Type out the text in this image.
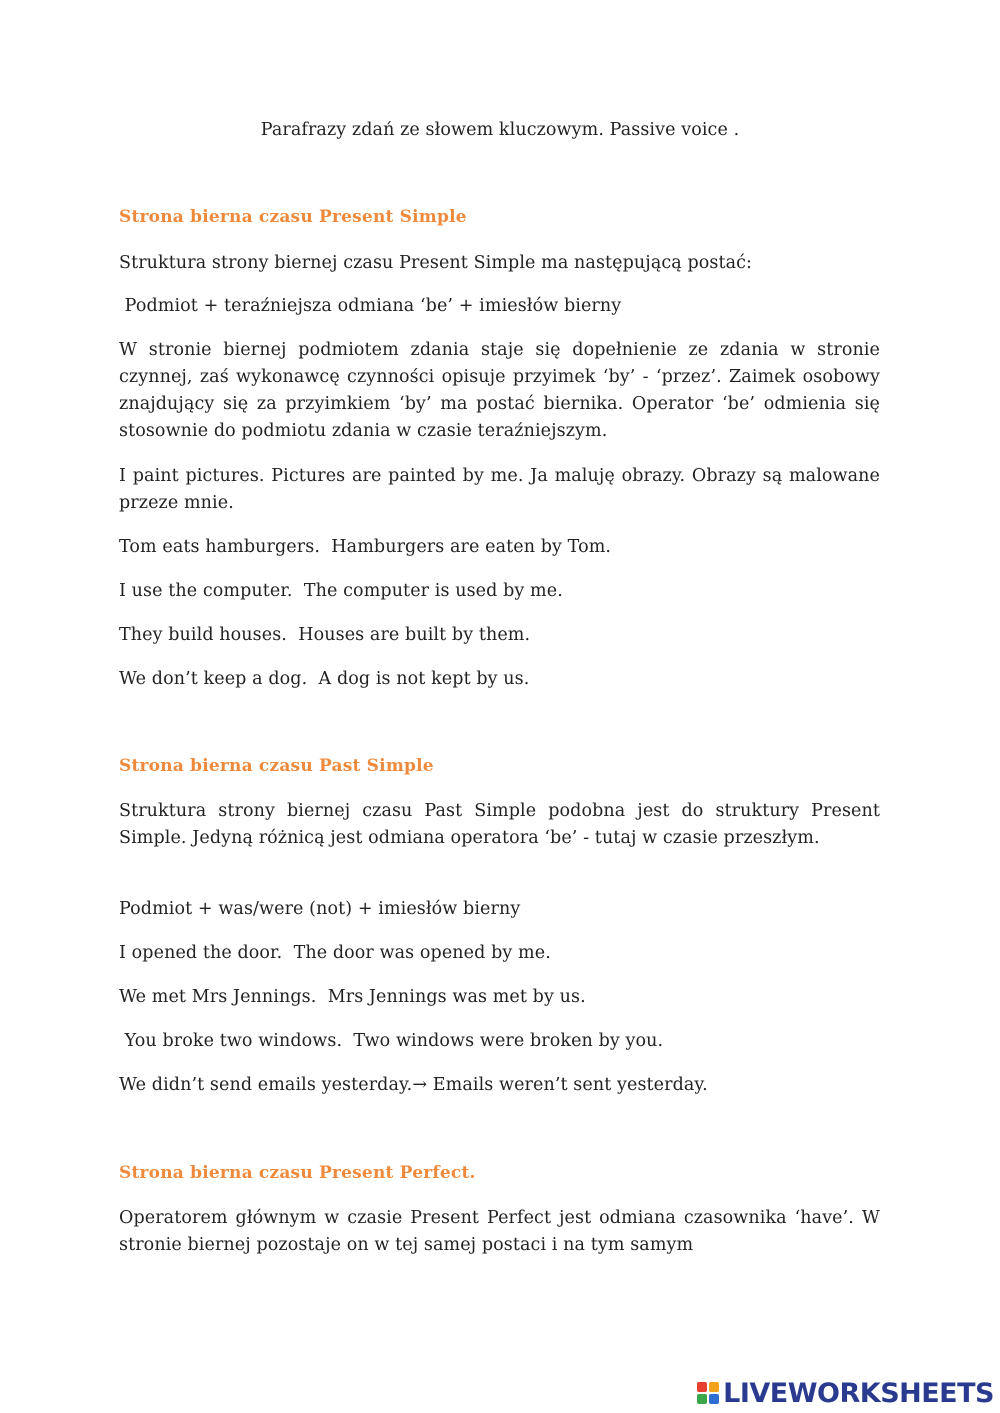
Parafrazy zdań ze słowem kluczowym. Passive voice .
Strona bierna czasu Present Simple
Struktura strony biernej czasu Present Simple ma następującą postać:
Podmiot + teraźniejsza odmiana ‘be’ + imiesłów bierny
W stronie biernej podmiotem zdania staje się dopełnienie ze zdania w stronie czynnej, zaś wykonawcę czynności opisuje przyimek ‘by’ - ‘przez’. Zaimek osobowy znajdujący się za przyimkiem ‘by’ ma postać biernika. Operator ‘be’ odmienia się stosownie do podmiotu zdania w czasie teraźniejszym.
I paint pictures. Pictures are painted by me. Ja maluję obrazy. Obrazy są malowane przeze mnie.
Tom eats hamburgers.  Hamburgers are eaten by Tom.
I use the computer.  The computer is used by me.
They build houses.  Houses are built by them.
We don’t keep a dog.  A dog is not kept by us.
Strona bierna czasu Past Simple
Struktura strony biernej czasu Past Simple podobna jest do struktury Present Simple. Jedyną różnicą jest odmiana operatora ‘be’ - tutaj w czasie przeszłym.
Podmiot + was/were (not) + imiesłów bierny
I opened the door.  The door was opened by me.
We met Mrs Jennings.  Mrs Jennings was met by us.
You broke two windows.  Two windows were broken by you.
We didn’t send emails yesterday.→ Emails weren’t sent yesterday.
Strona bierna czasu Present Perfect.
Operatorem głównym w czasie Present Perfect jest odmiana czasownika ‘have’. W stronie biernej pozostaje on w tej samej postaci i na tym samym
LIVEWORKSHEETS
